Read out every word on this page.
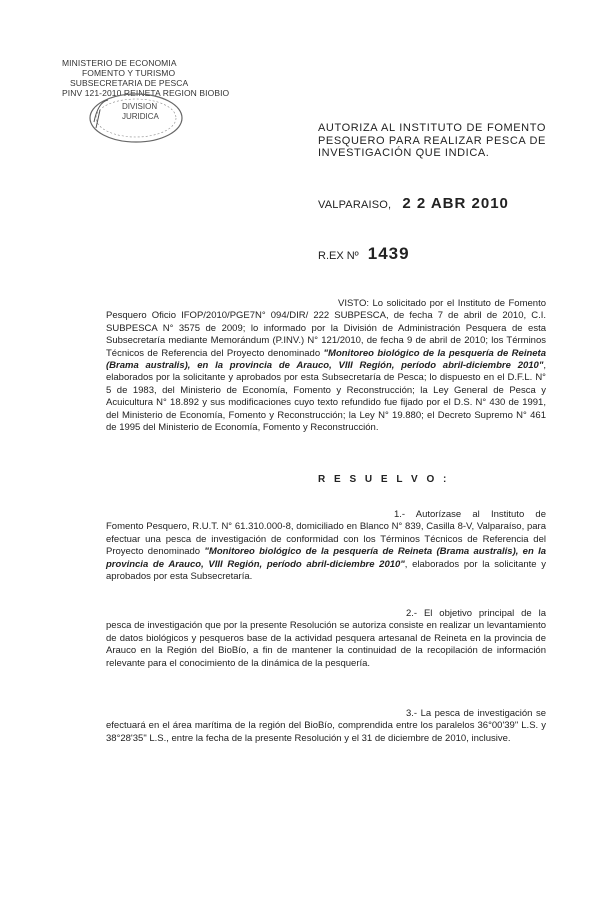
MINISTERIO DE ECONOMIA
FOMENTO Y TURISMO
SUBSECRETARIA DE PESCA
PINV 121-2010 REINETA REGION BIOBIO
DIVISION
JURIDICA
AUTORIZA AL INSTITUTO DE FOMENTO PESQUERO PARA REALIZAR PESCA DE INVESTIGACIÓN QUE INDICA.
VALPARAISO, 2 2 ABR 2010
R.EX Nº 1439
VISTO: Lo solicitado por el Instituto de Fomento Pesquero Oficio IFOP/2010/PGE7N° 094/DIR/ 222 SUBPESCA, de fecha 7 de abril de 2010, C.I. SUBPESCA N° 3575 de 2009; lo informado por la División de Administración Pesquera de esta Subsecretaría mediante Memorándum (P.INV.) N° 121/2010, de fecha 9 de abril de 2010; los Términos Técnicos de Referencia del Proyecto denominado "Monitoreo biológico de la pesquería de Reineta (Brama australis), en la provincia de Arauco, VIII Región, período abril-diciembre 2010", elaborados por la solicitante y aprobados por esta Subsecretaría de Pesca; lo dispuesto en el D.F.L. N° 5 de 1983, del Ministerio de Economía, Fomento y Reconstrucción; la Ley General de Pesca y Acuicultura N° 18.892 y sus modificaciones cuyo texto refundido fue fijado por el D.S. N° 430 de 1991, del Ministerio de Economía, Fomento y Reconstrucción; la Ley N° 19.880; el Decreto Supremo N° 461 de 1995 del Ministerio de Economía, Fomento y Reconstrucción.
R E S U E L V O :
1.- Autorízase al Instituto de Fomento Pesquero, R.U.T. N° 61.310.000-8, domiciliado en Blanco N° 839, Casilla 8-V, Valparaíso, para efectuar una pesca de investigación de conformidad con los Términos Técnicos de Referencia del Proyecto denominado "Monitoreo biológico de la pesquería de Reineta (Brama australis), en la provincia de Arauco, VIII Región, período abril-diciembre 2010", elaborados por la solicitante y aprobados por esta Subsecretaría.
2.- El objetivo principal de la pesca de investigación que por la presente Resolución se autoriza consiste en realizar un levantamiento de datos biológicos y pesqueros base de la actividad pesquera artesanal de Reineta en la provincia de Arauco en la Región del BioBío, a fin de mantener la continuidad de la recopilación de información relevante para el conocimiento de la dinámica de la pesquería.
3.- La pesca de investigación se efectuará en el área marítima de la región del BioBío, comprendida entre los paralelos 36°00'39" L.S. y 38°28'35" L.S., entre la fecha de la presente Resolución y el 31 de diciembre de 2010, inclusive.
